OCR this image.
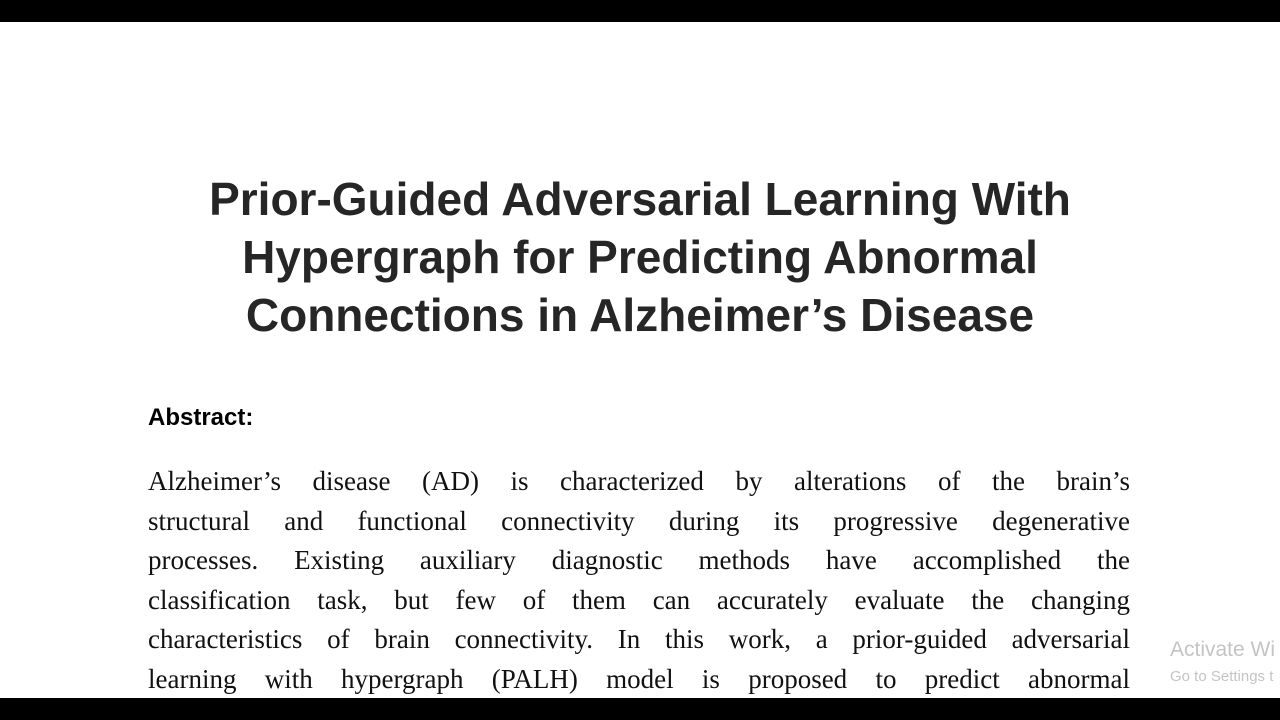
Prior-Guided Adversarial Learning With
Hypergraph for Predicting Abnormal
Connections in Alzheimer’s Disease
Abstract:
Alzheimer’s disease (AD) is characterized by alterations of the brain’s
structural and functional connectivity during its progressive degenerative
processes. Existing auxiliary diagnostic methods have accomplished the
classification task, but few of them can accurately evaluate the changing
characteristics of brain connectivity. In this work, a prior-guided adversarial
learning with hypergraph (PALH) model is proposed to predict abnormal
Activate Wi
Go to Settings t
